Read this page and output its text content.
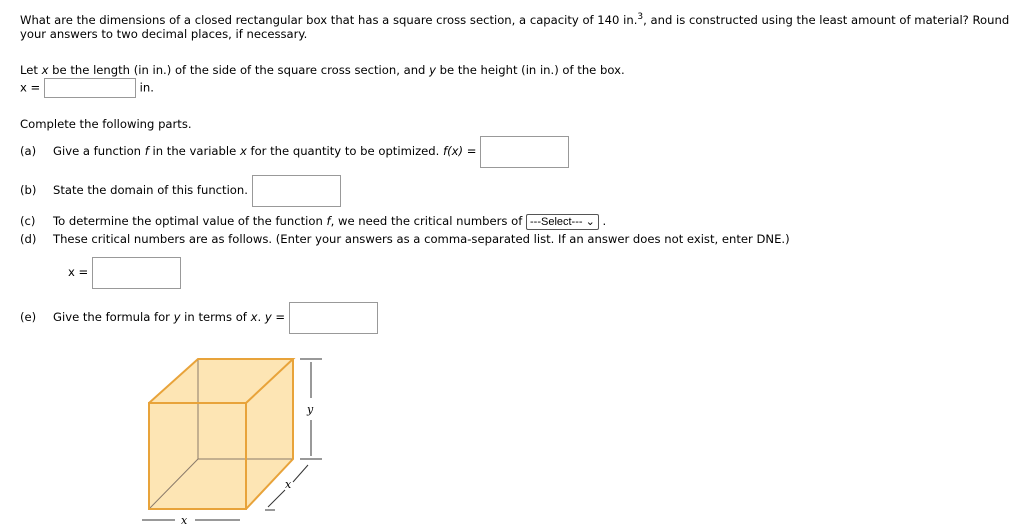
What are the dimensions of a closed rectangular box that has a square cross section, a capacity of 140 in.$^3$, and is constructed using the least amount of material? Round
your answers to two decimal places, if necessary.
Let x be the length (in in.) of the side of the square cross section, and y be the height (in in.) of the box.
x =	in.
Complete the following parts.
(a) Give a function f in the variable x for the quantity to be optimized. f(x) =
(b) State the domain of this function.
(c) To determine the optimal value of the function f, we need the critical numbers of ---Select--- ⌄ .
(d) These critical numbers are as follows. (Enter your answers as a comma-separated list. If an answer does not exist, enter DNE.)
x =
(e) Give the formula for y in terms of x. y =
y
x
x
